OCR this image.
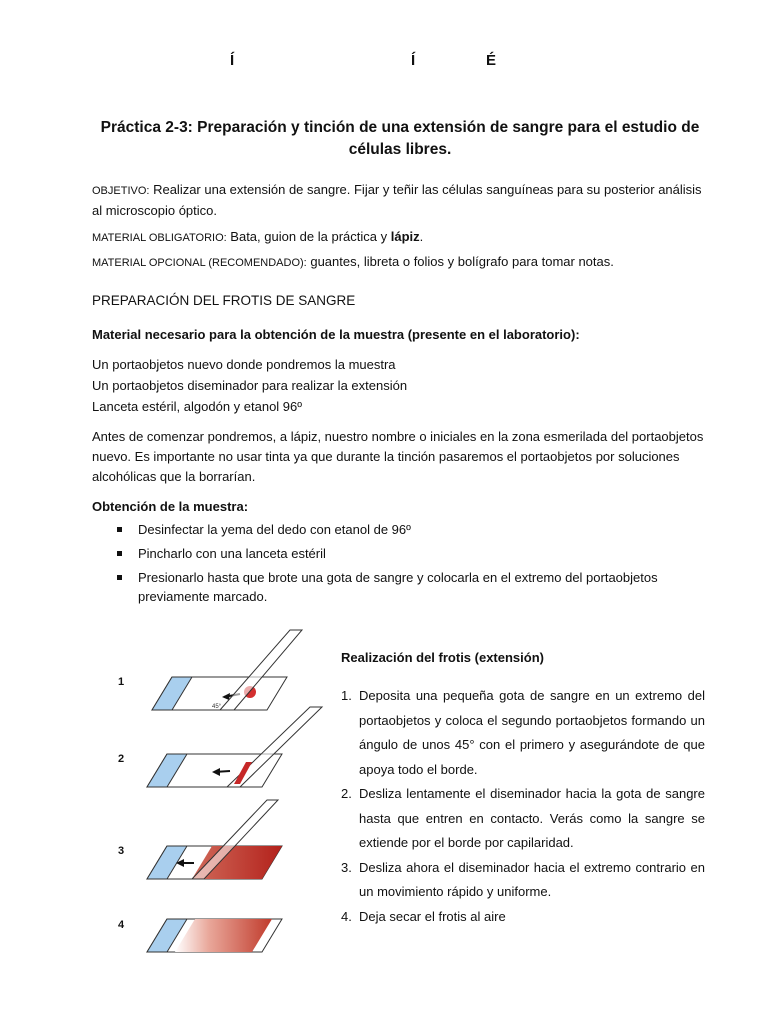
Í	Í	É
Práctica 2-3: Preparación y tinción de una extensión de sangre para el estudio de
células libres.
OBJETIVO: Realizar una extensión de sangre. Fijar y teñir las células sanguíneas para su posterior análisis al microscopio óptico.
MATERIAL OBLIGATORIO: Bata, guion de la práctica y lápiz.
MATERIAL OPCIONAL (RECOMENDADO): guantes, libreta o folios y bolígrafo para tomar notas.
PREPARACIÓN DEL FROTIS DE SANGRE
Material necesario para la obtención de la muestra (presente en el laboratorio):
Un portaobjetos nuevo donde pondremos la muestra
Un portaobjetos diseminador para realizar la extensión
Lanceta estéril, algodón y etanol 96º
Antes de comenzar pondremos, a lápiz, nuestro nombre o iniciales en la zona esmerilada del portaobjetos nuevo. Es importante no usar tinta ya que durante la tinción pasaremos el portaobjetos por soluciones alcohólicas que la borrarían.
Obtención de la muestra:
Desinfectar la yema del dedo con etanol de 96º
Pincharlo con una lanceta estéril
Presionarlo hasta que brote una gota de sangre y colocarla en el extremo del portaobjetos previamente marcado.
1
45°
2
3
4
Realización del frotis (extensión)
1. Deposita una pequeña gota de sangre en un extremo del portaobjetos y coloca el segundo portaobjetos formando un ángulo de unos 45° con el primero y asegurándote de que apoya todo el borde.
2. Desliza lentamente el diseminador hacia la gota de sangre hasta que entren en contacto. Verás como la sangre se extiende por el borde por capilaridad.
3. Desliza ahora el diseminador hacia el extremo contrario en un movimiento rápido y uniforme.
4. Deja secar el frotis al aire
